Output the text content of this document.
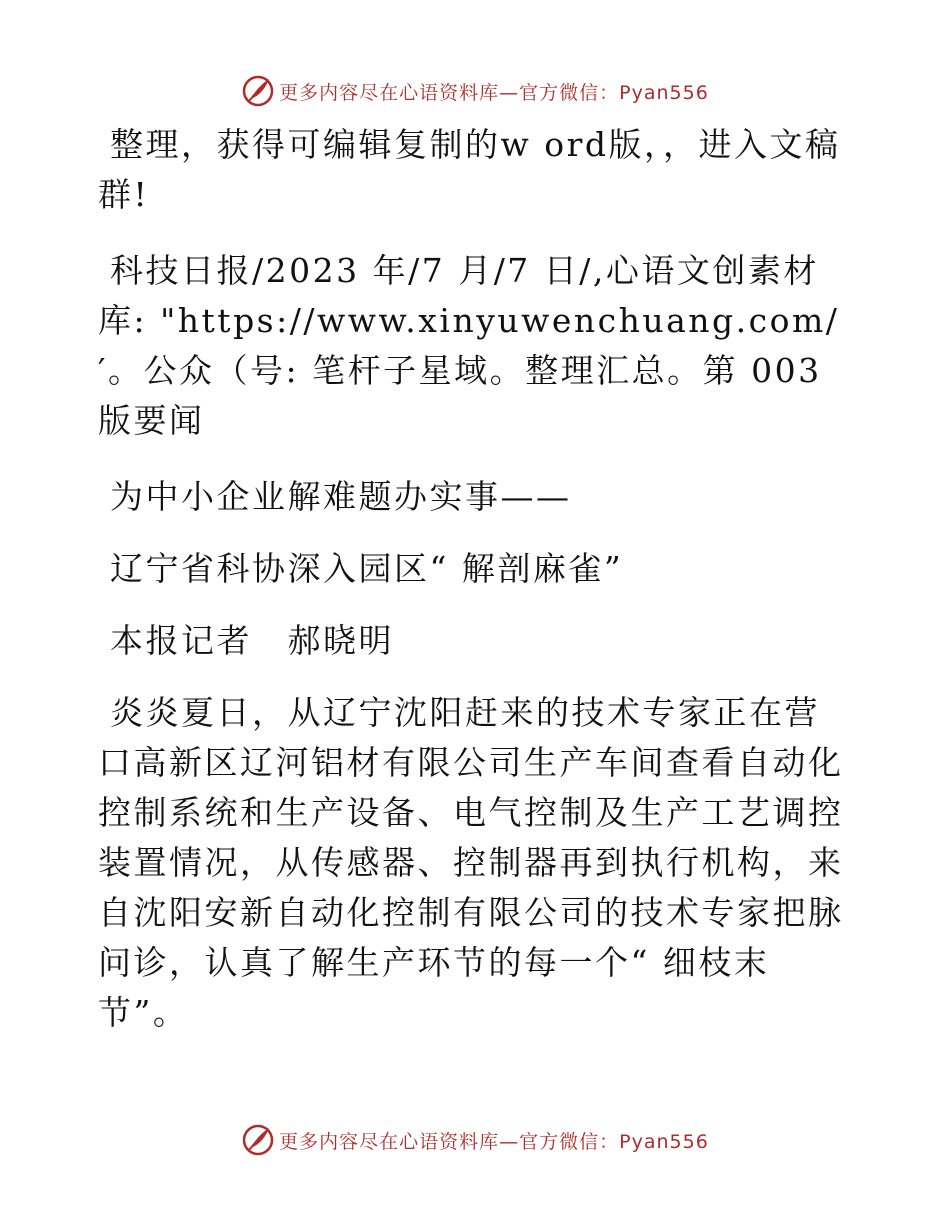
更多内容尽在心语资料库—官方微信：Pyan556

整理，获得可编辑复制的w ord版，，进入文稿群!

科技日报/2023 年/7 月/7 日/,心语文创素材库: "https://www.xinyuwenchuang.com/′。公众（号: 笔杆子星域。整理汇总。第 003 版要闻

为中小企业解难题办实事——

辽宁省科协深入园区“ 解剖麻雀”

本报记者　郝晓明

炎炎夏日，从辽宁沈阳赶来的技术专家正在营口高新区辽河铝材有限公司生产车间查看自动化控制系统和生产设备、电气控制及生产工艺调控装置情况，从传感器、控制器再到执行机构，来自沈阳安新自动化控制有限公司的技术专家把脉问诊，认真了解生产环节的每一个“ 细枝末节”。

更多内容尽在心语资料库—官方微信：Pyan556
